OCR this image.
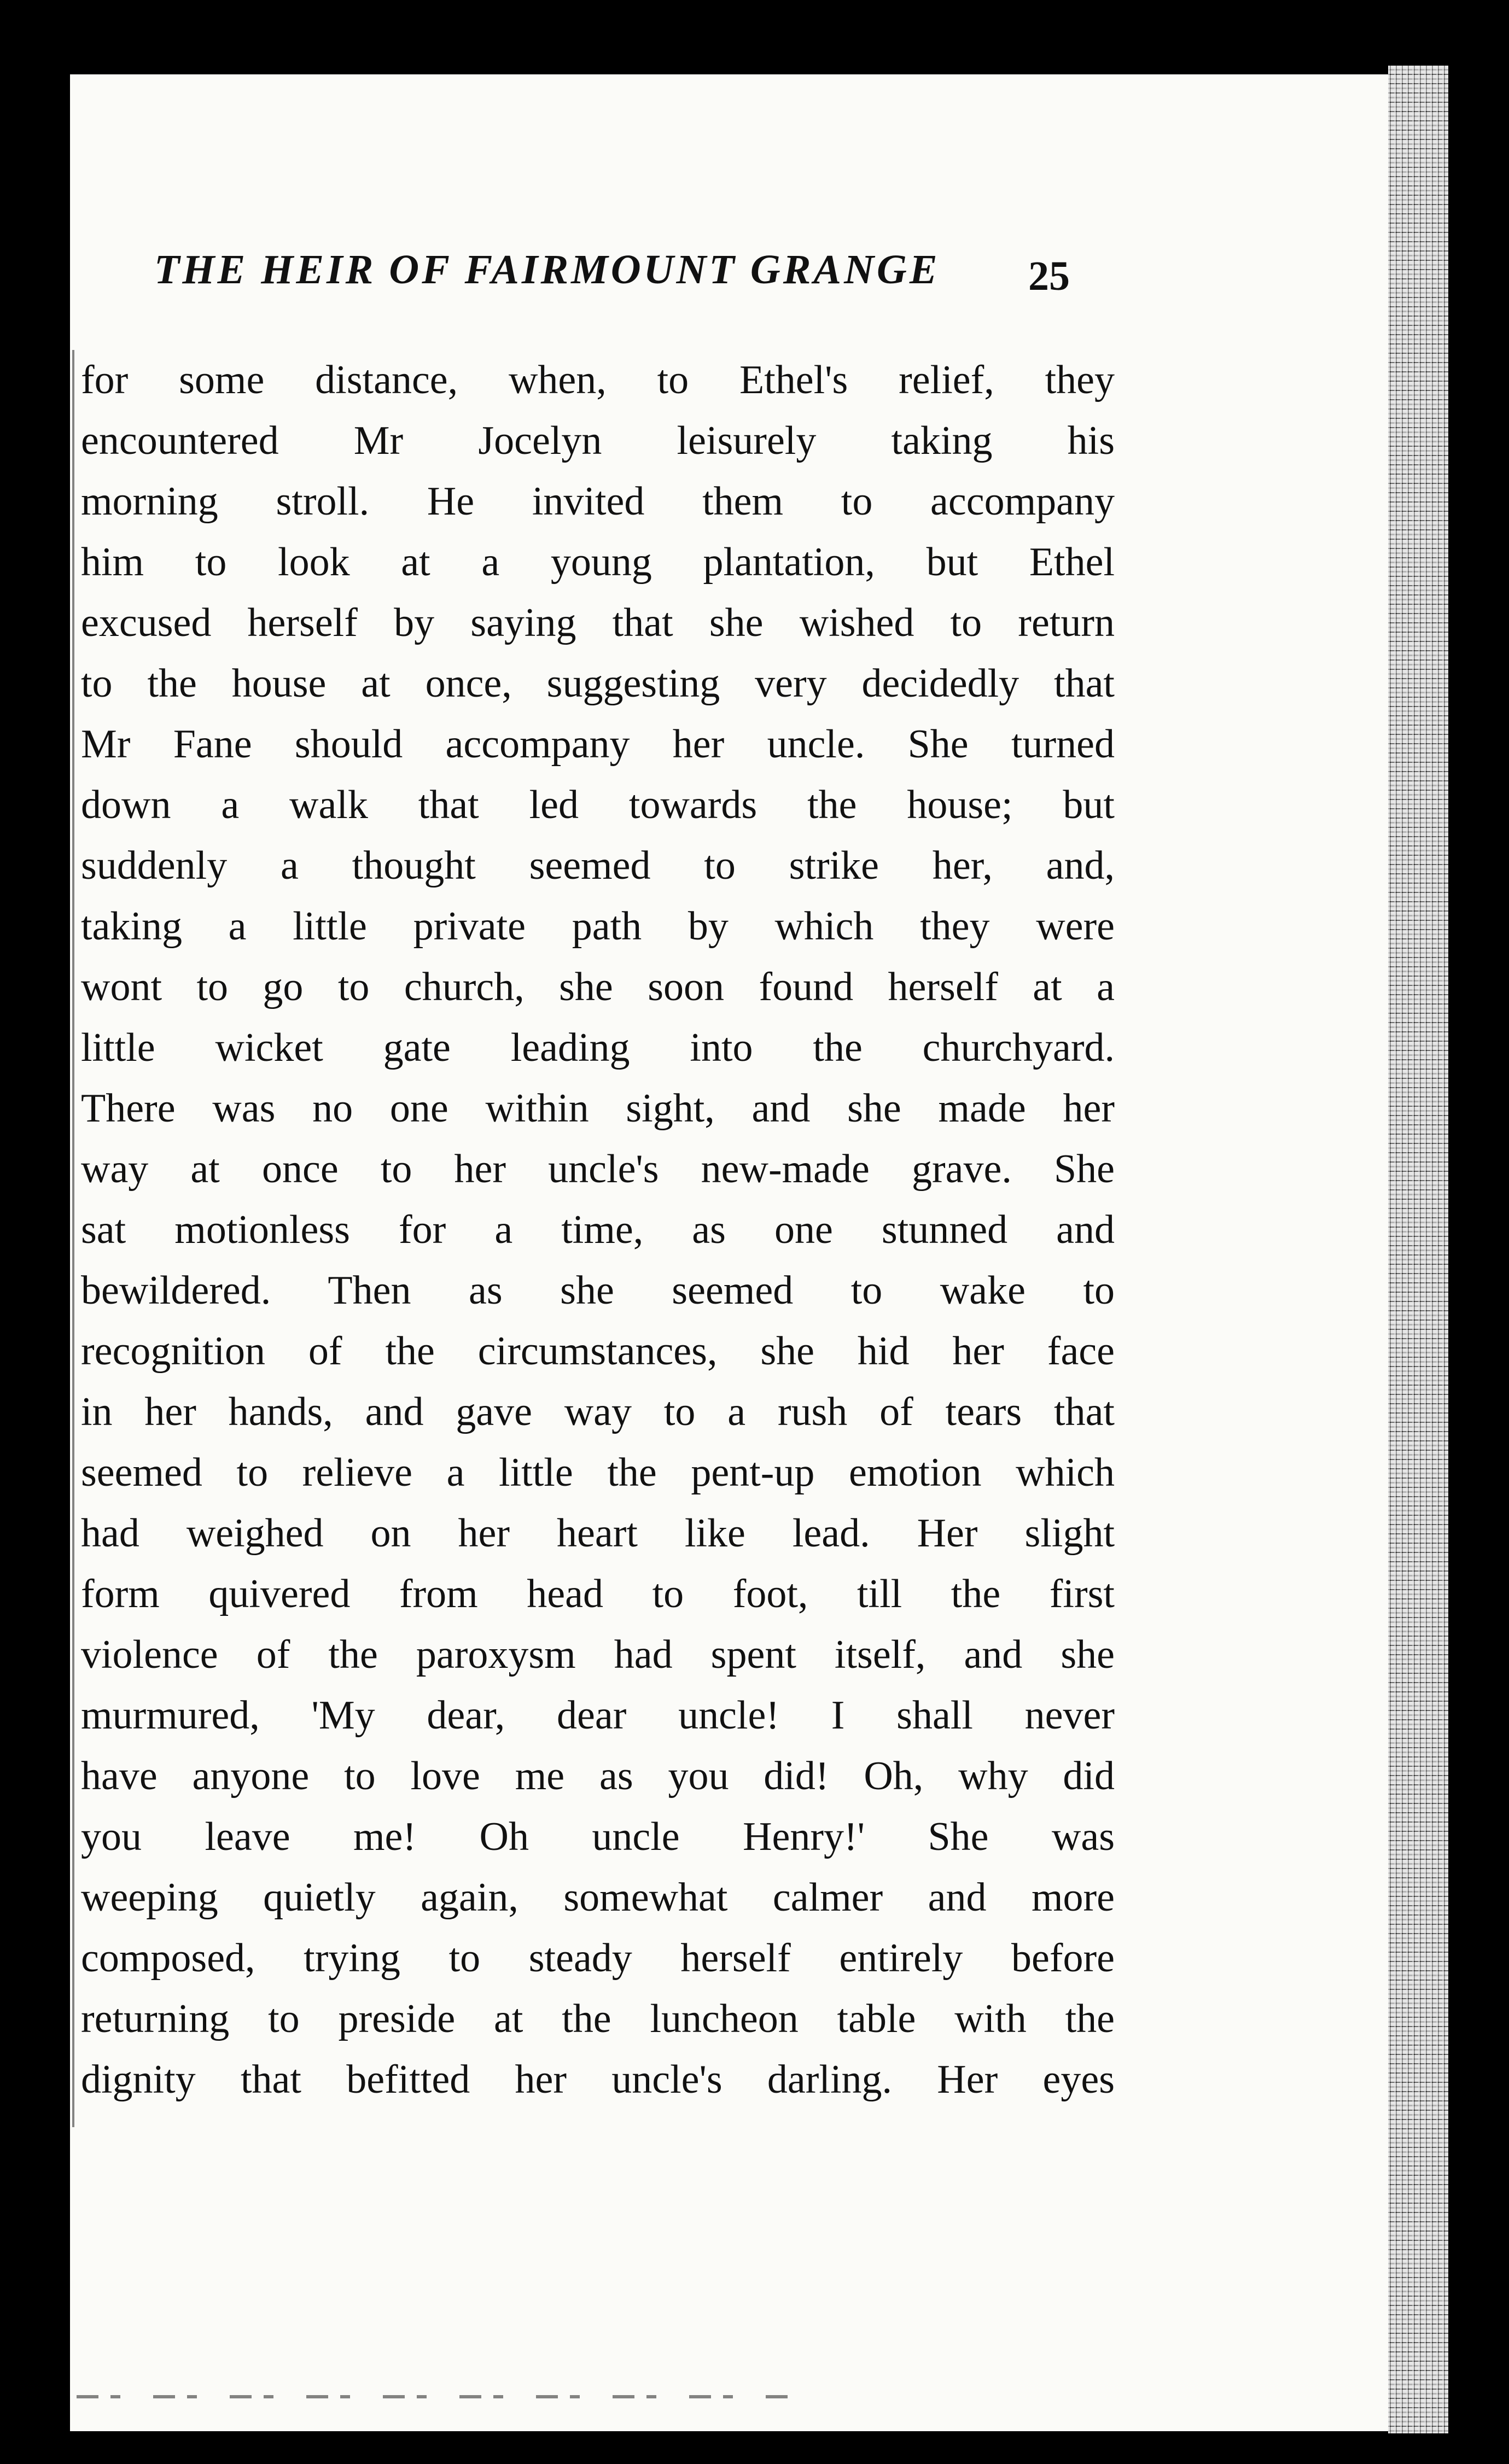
THE HEIR OF FAIRMOUNT GRANGE	25
for some distance, when, to Ethel's relief, they
encountered Mr Jocelyn leisurely taking his
morning stroll. He invited them to accompany
him to look at a young plantation, but Ethel
excused herself by saying that she wished to return
to the house at once, suggesting very decidedly that
Mr Fane should accompany her uncle. She turned
down a walk that led towards the house; but
suddenly a thought seemed to strike her, and,
taking a little private path by which they were
wont to go to church, she soon found herself at a
little wicket gate leading into the churchyard.
There was no one within sight, and she made her
way at once to her uncle's new-made grave. She
sat motionless for a time, as one stunned and
bewildered. Then as she seemed to wake to
recognition of the circumstances, she hid her face
in her hands, and gave way to a rush of tears that
seemed to relieve a little the pent-up emotion which
had weighed on her heart like lead. Her slight
form quivered from head to foot, till the first
violence of the paroxysm had spent itself, and she
murmured, 'My dear, dear uncle! I shall never
have anyone to love me as you did! Oh, why did
you leave me! Oh uncle Henry!' She was
weeping quietly again, somewhat calmer and more
composed, trying to steady herself entirely before
returning to preside at the luncheon table with the
dignity that befitted her uncle's darling. Her eyes
